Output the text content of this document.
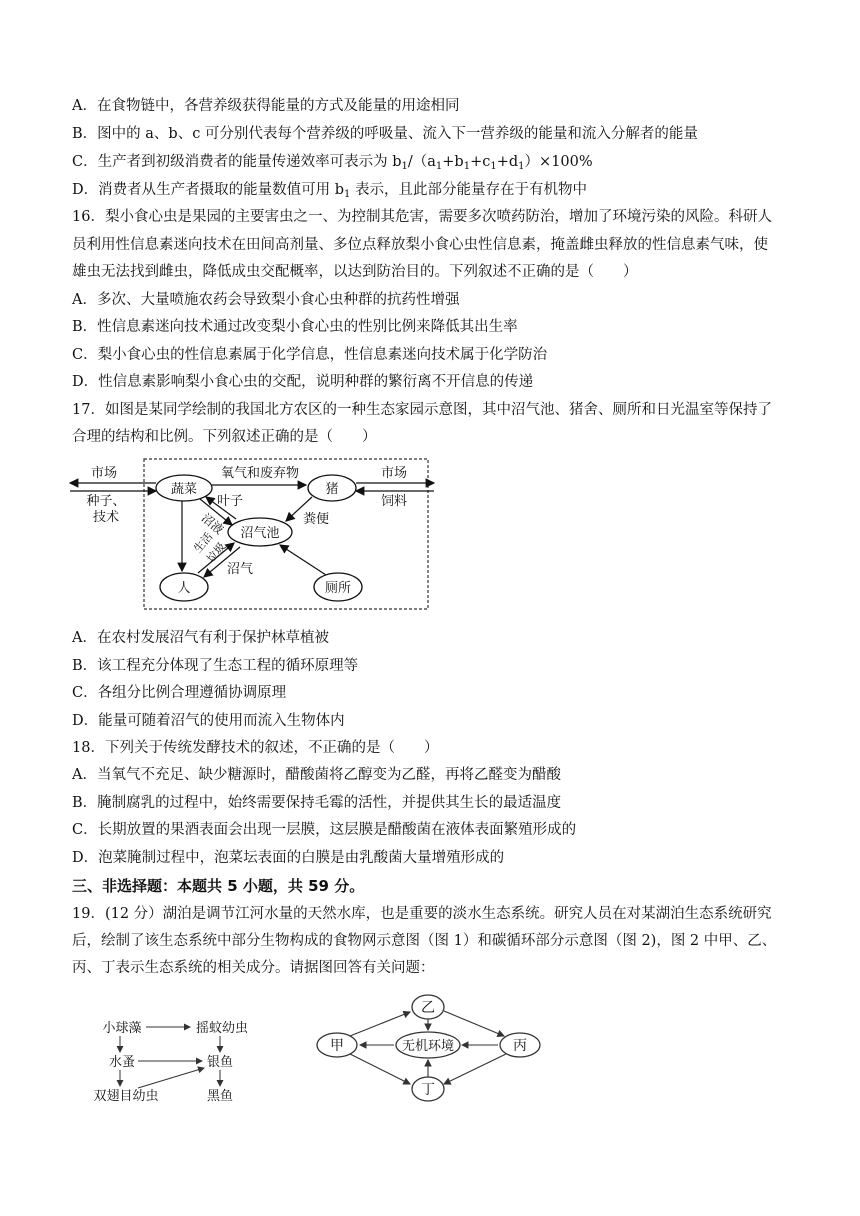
A．在食物链中，各营养级获得能量的方式及能量的用途相同
B．图中的 a、b、c 可分别代表每个营养级的呼吸量、流入下一营养级的能量和流入分解者的能量
C．生产者到初级消费者的能量传递效率可表示为 $b_1/(a_1+b_1+c_1+d_1)\times 100\%$
D．消费者从生产者摄取的能量数值可用 $b_1$ 表示，且此部分能量存在于有机物中
16．梨小食心虫是果园的主要害虫之一、为控制其危害，需要多次喷药防治，增加了环境污染的风险。科研人
员利用性信息素迷向技术在田间高剂量、多位点释放梨小食心虫性信息素，掩盖雌虫释放的性信息素气味，使
雄虫无法找到雌虫，降低成虫交配概率，以达到防治目的。下列叙述不正确的是（　　）
A．多次、大量喷施农药会导致梨小食心虫种群的抗药性增强
B．性信息素迷向技术通过改变梨小食心虫的性别比例来降低其出生率
C．梨小食心虫的性信息素属于化学信息，性信息素迷向技术属于化学防治
D．性信息素影响梨小食心虫的交配，说明种群的繁衍离不开信息的传递
17．如图是某同学绘制的我国北方农区的一种生态家园示意图，其中沼气池、猪舍、厕所和日光温室等保持了
合理的结构和比例。下列叙述正确的是（　　）
市场
种子、
技术
蔬菜
氧气和废弃物
猪
市场
饲料
叶子
沼液 沼气池
粪便
生活
垃圾
沼气
人	厕所
A．在农村发展沼气有利于保护林草植被
B．该工程充分体现了生态工程的循环原理等
C．各组分比例合理遵循协调原理
D．能量可随着沼气的使用而流入生物体内
18．下列关于传统发酵技术的叙述，不正确的是（　　）
A．当氧气不充足、缺少糖源时，醋酸菌将乙醇变为乙醛，再将乙醛变为醋酸
B．腌制腐乳的过程中，始终需要保持毛霉的活性，并提供其生长的最适温度
C．长期放置的果酒表面会出现一层膜，这层膜是醋酸菌在液体表面繁殖形成的
D．泡菜腌制过程中，泡菜坛表面的白膜是由乳酸菌大量增殖形成的
三、非选择题：本题共 5 小题，共 59 分。
19．(12 分）湖泊是调节江河水量的天然水库，也是重要的淡水生态系统。研究人员在对某湖泊生态系统研究
后，绘制了该生态系统中部分生物构成的食物网示意图（图 1）和碳循环部分示意图（图 2)，图 2 中甲、乙、
丙、丁表示生态系统的相关成分。请据图回答有关问题：
小球藻	摇蚊幼虫
水蚤	银鱼
双翅目幼虫	黑鱼
乙
甲	无机环境	丙
丁
